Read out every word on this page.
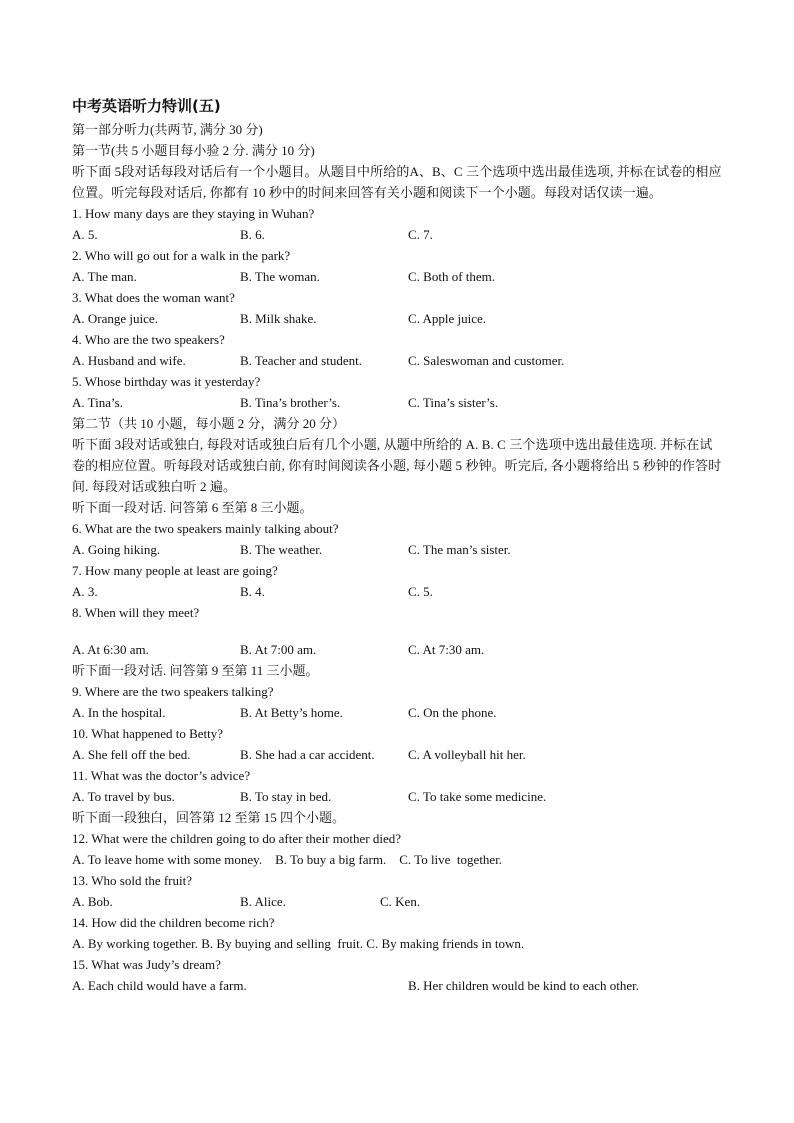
中考英语听力特训(五)
第一部分听力(共两节, 满分 30 分)
第一节(共 5 小题目每小验 2 分. 满分 10 分)
听下面 5段对话每段对话后有一个小题目。从题目中所给的A、B、C 三个选项中选出最佳选项, 并标在试卷的相应位置。听完每段对话后, 你都有 10 秒中的时间来回答有关小题和阅读下一个小题。每段对话仅读一遍。
1. How many days are they staying in Wuhan?
A. 5.	B. 6.	C. 7.
2. Who will go out for a walk in the park?
A. The man.	B. The woman.	C. Both of them.
3. What does the woman want?
A. Orange juice.	B. Milk shake.	C. Apple juice.
4. Who are the two speakers?
A. Husband and wife.	B. Teacher and student.	C. Saleswoman and customer.
5. Whose birthday was it yesterday?
A. Tina’s.	B. Tina’s brother’s.	C. Tina’s sister’s.
第二节（共 10 小题，每小题 2 分，满分 20 分）
听下面 3段对话或独白, 每段对话或独白后有几个小题, 从题中所给的 A. B. C 三个选项中选出最佳选项. 并标在试卷的相应位置。听每段对话或独白前, 你有时间阅读各小题, 每小题 5 秒钟。听完后, 各小题将给出 5 秒钟的作答时间. 每段对话或独白听 2 遍。
听下面一段对话. 问答第 6 至第 8 三小题。
6. What are the two speakers mainly talking about?
A. Going hiking.	B. The weather.	C. The man’s sister.
7. How many people at least are going?
A. 3.	B. 4.	C. 5.
8. When will they meet?
A. At 6:30 am.	B. At 7:00 am.	C. At 7:30 am.
听下面一段对话. 问答第 9 至第 11 三小题。
9. Where are the two speakers talking?
A. In the hospital.	B. At Betty’s home.	C. On the phone.
10. What happened to Betty?
A. She fell off the bed.	B. She had a car accident.	C. A volleyball hit her.
11. What was the doctor’s advice?
A. To travel by bus.	B. To stay in bed.	C. To take some medicine.
听下面一段独白，回答第 12 至第 15 四个小题。
12. What were the children going to do after their mother died?
A. To leave home with some money.    B. To buy a big farm.    C. To live  together.
13. Who sold the fruit?
A. Bob.	B. Alice.	C. Ken.
14. How did the children become rich?
A. By working together. B. By buying and selling  fruit. C. By making friends in town.
15. What was Judy’s dream?
A. Each child would have a farm.	B. Her children would be kind to each other.
